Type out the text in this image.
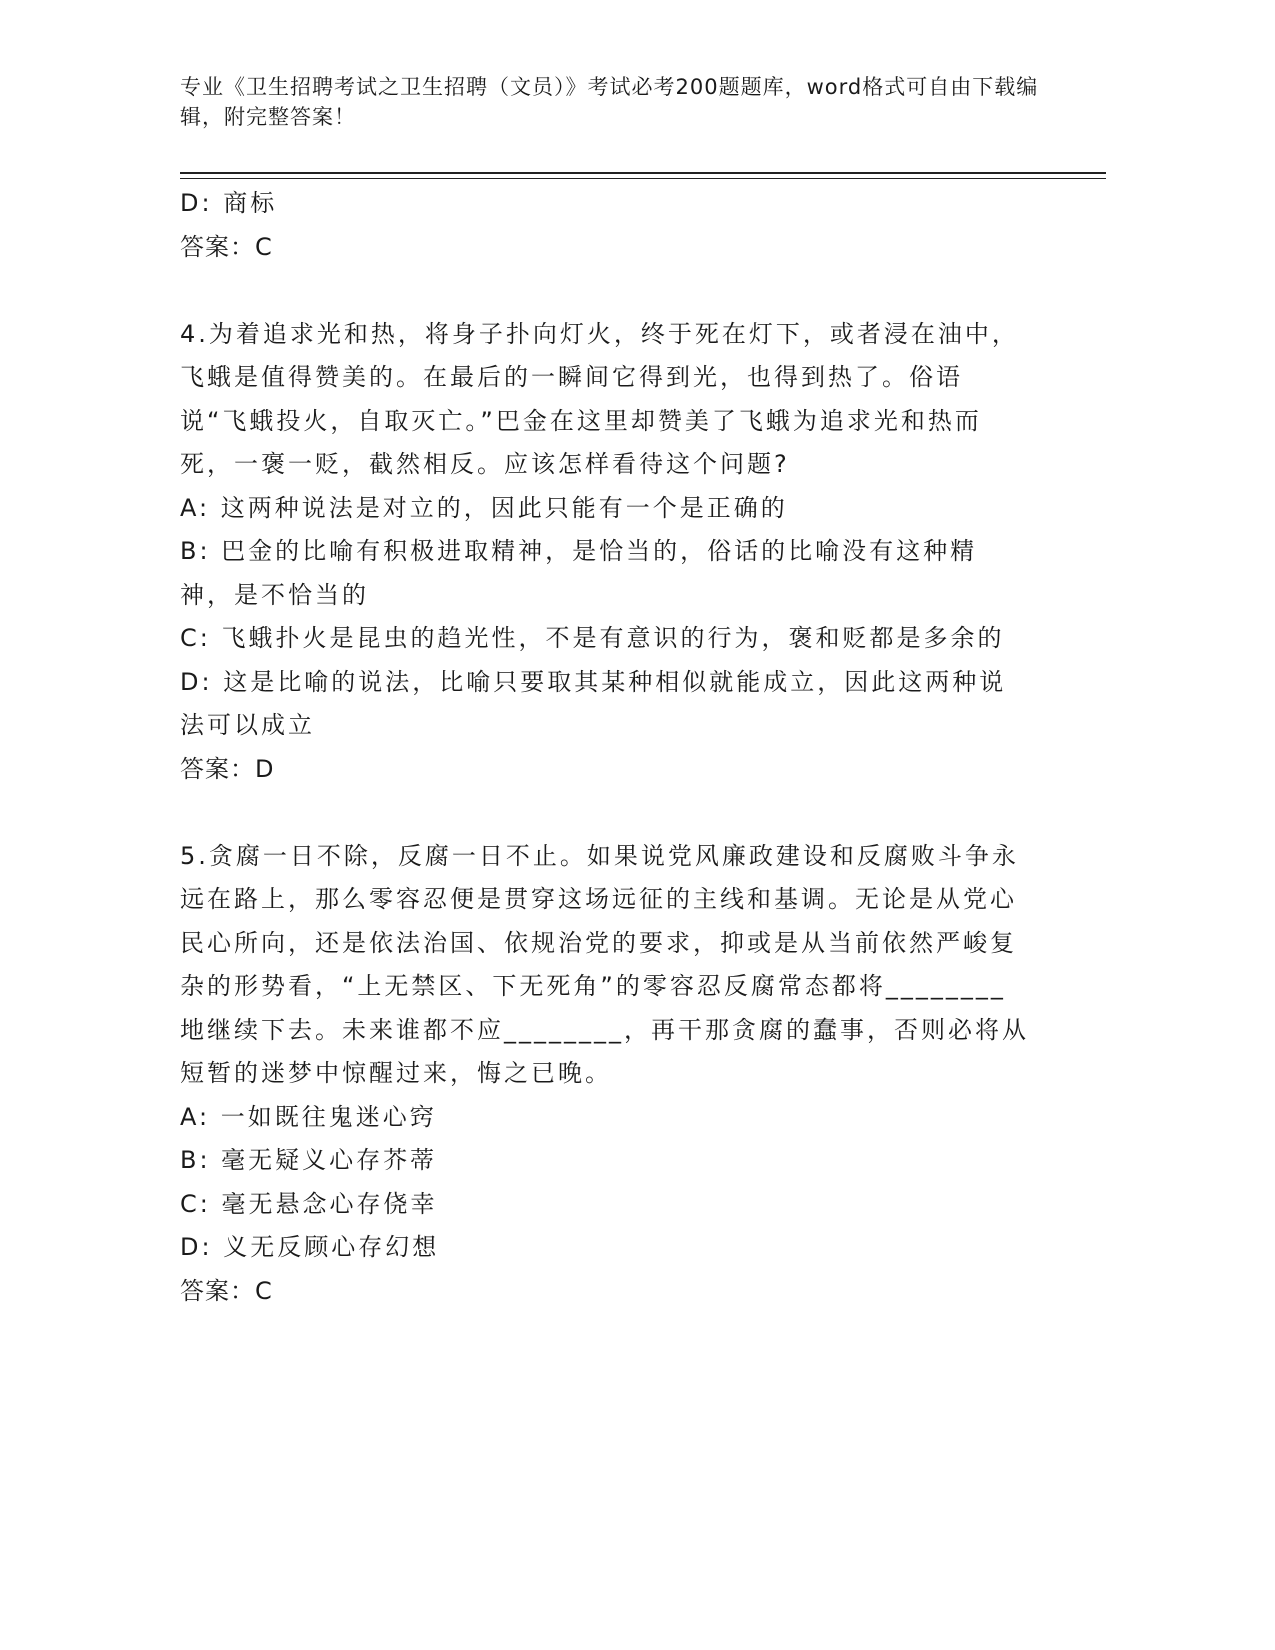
专业《卫生招聘考试之卫生招聘（文员）》考试必考200题题库，word格式可自由下载编辑，附完整答案！
D: 商标
答案：C
4.为着追求光和热，将身子扑向灯火，终于死在灯下，或者浸在油中，飞蛾是值得赞美的。在最后的一瞬间它得到光，也得到热了。俗语说“飞蛾投火，自取灭亡。”巴金在这里却赞美了飞蛾为追求光和热而死，一褒一贬，截然相反。应该怎样看待这个问题?
A: 这两种说法是对立的，因此只能有一个是正确的
B: 巴金的比喻有积极进取精神，是恰当的，俗话的比喻没有这种精神，是不恰当的
C: 飞蛾扑火是昆虫的趋光性，不是有意识的行为，褒和贬都是多余的
D: 这是比喻的说法，比喻只要取其某种相似就能成立，因此这两种说法可以成立
答案：D
5.贪腐一日不除，反腐一日不止。如果说党风廉政建设和反腐败斗争永远在路上，那么零容忍便是贯穿这场远征的主线和基调。无论是从党心民心所向，还是依法治国、依规治党的要求，抑或是从当前依然严峻复杂的形势看，“上无禁区、下无死角”的零容忍反腐常态都将________地继续下去。未来谁都不应________，再干那贪腐的蠢事，否则必将从短暂的迷梦中惊醒过来，悔之已晚。
A: 一如既往鬼迷心窍
B: 毫无疑义心存芥蒂
C: 毫无悬念心存侥幸
D: 义无反顾心存幻想
答案：C
